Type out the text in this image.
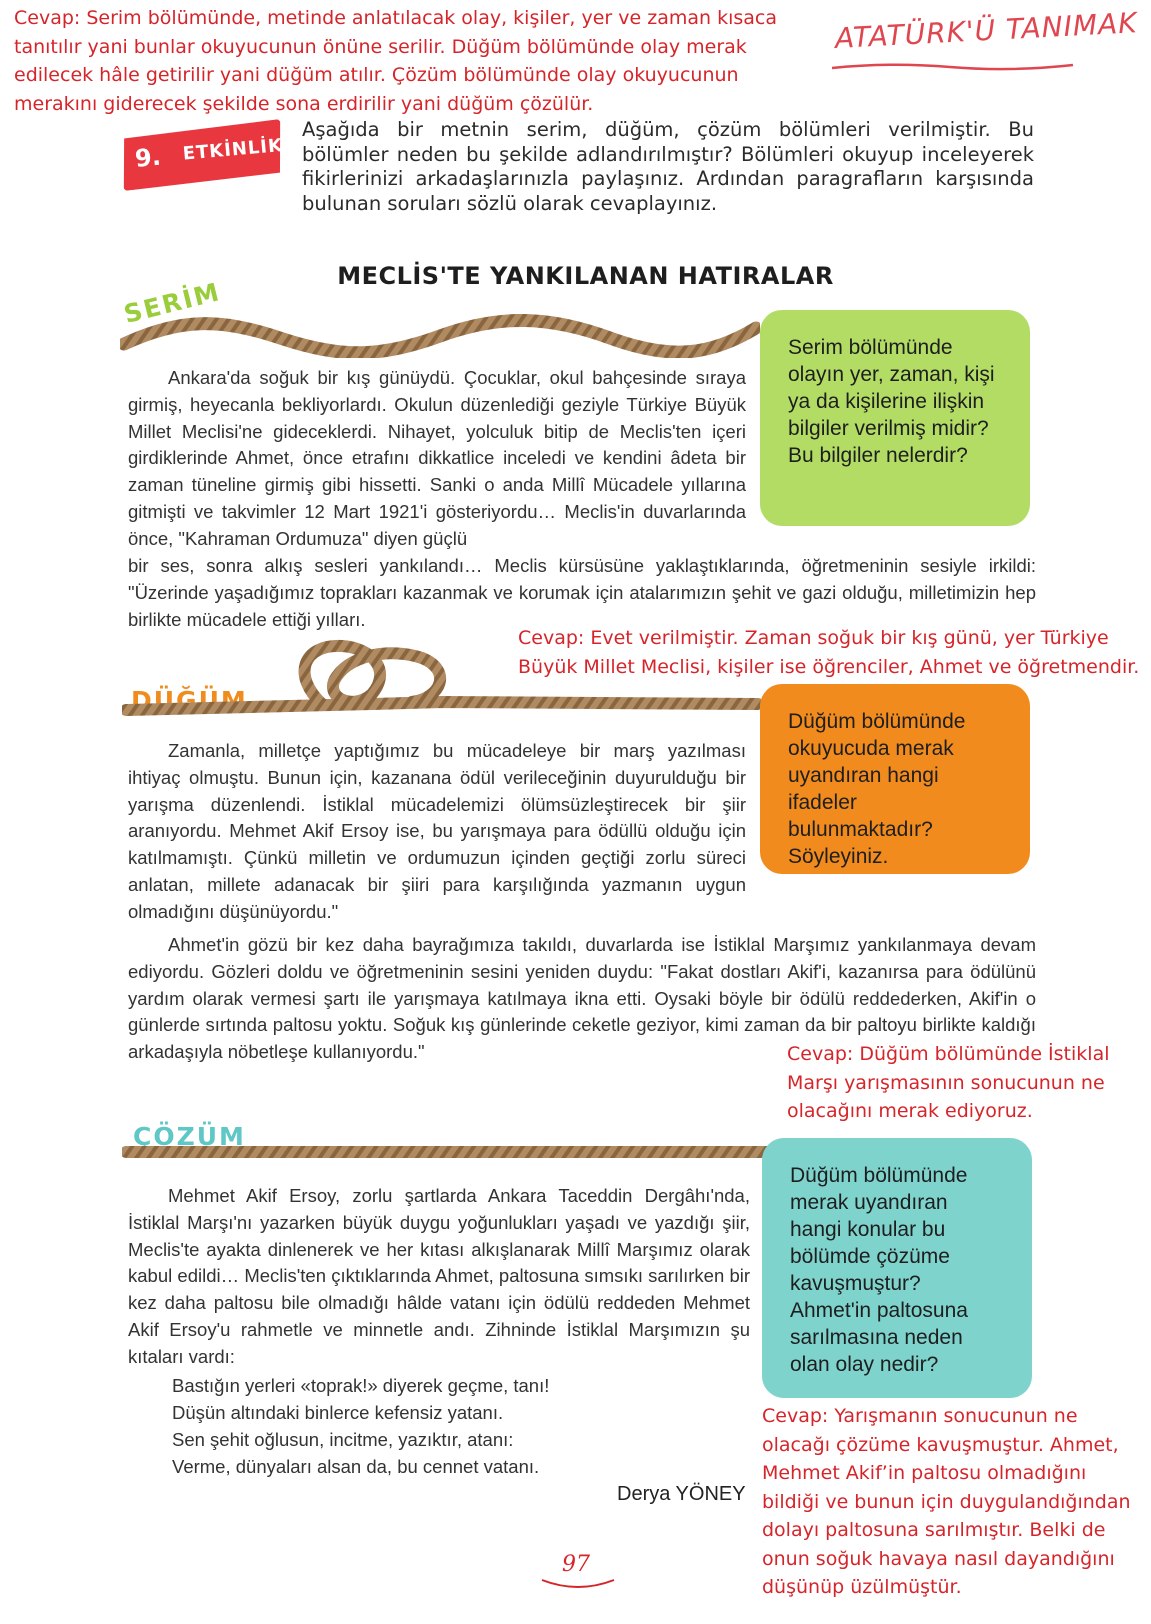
Cevap: Serim bölümünde, metinde anlatılacak olay, kişiler, yer ve zaman kısaca tanıtılır yani bunlar okuyucunun önüne serilir. Düğüm bölümünde olay merak edilecek hâle getirilir yani düğüm atılır. Çözüm bölümünde olay okuyucunun merakını giderecek şekilde sona erdirilir yani düğüm çözülür.
ATATÜRK'Ü TANIMAK
9. ETKİNLİK
Aşağıda bir metnin serim, düğüm, çözüm bölümleri verilmiştir. Bu bölümler neden bu şekilde adlandırılmıştır? Bölümleri okuyup inceleyerek fikirlerinizi arkadaşlarınızla paylaşınız. Ardından paragrafların karşısında bulunan soruları sözlü olarak cevaplayınız.
MECLİS'TE YANKILANAN HATIRALAR
SERİM

Ankara'da soğuk bir kış günüydü. Çocuklar, okul bahçesinde sıraya girmiş, heyecanla bekliyorlardı. Okulun düzenlediği geziyle Türkiye Büyük Millet Meclisi'ne gideceklerdi. Nihayet, yolculuk bitip de Meclis'ten içeri girdiklerinde Ahmet, önce etrafını dikkatlice inceledi ve kendini âdeta bir zaman tüneline girmiş gibi hissetti. Sanki o anda Millî Mücadele yıllarına gitmişti ve takvimler 12 Mart 1921'i gösteriyordu… Meclis'in duvarlarında önce, "Kahraman Ordumuza" diyen güçlü

bir ses, sonra alkış sesleri yankılandı… Meclis kürsüsüne yaklaştıklarında, öğretmeninin sesiyle irkildi: "Üzerinde yaşadığımız toprakları kazanmak ve korumak için atalarımızın şehit ve gazi olduğu, milletimizin hep birlikte mücadele ettiği yılları.

Serim bölümünde olayın yer, zaman, kişi ya da kişilerine ilişkin bilgiler verilmiş midir? Bu bilgiler nelerdir?
Cevap: Evet verilmiştir. Zaman soğuk bir kış günü, yer Türkiye Büyük Millet Meclisi, kişiler ise öğrenciler, Ahmet ve öğretmendir.
DÜĞÜM

Zamanla, milletçe yaptığımız bu mücadeleye bir marş yazılması ihtiyaç olmuştu. Bunun için, kazanana ödül verileceğinin duyurulduğu bir yarışma düzenlendi. İstiklal mücadelemizi ölümsüzleştirecek bir şiir aranıyordu. Mehmet Akif Ersoy ise, bu yarışmaya para ödüllü olduğu için katılmamıştı. Çünkü milletin ve ordumuzun içinden geçtiği zorlu süreci anlatan, millete adanacak bir şiiri para karşılığında yazmanın uygun olmadığını düşünüyordu."

Ahmet'in gözü bir kez daha bayrağımıza takıldı, duvarlarda ise İstiklal Marşımız yankılanmaya devam ediyordu. Gözleri doldu ve öğretmeninin sesini yeniden duydu: "Fakat dostları Akif'i, kazanırsa para ödülünü yardım olarak vermesi şartı ile yarışmaya katılmaya ikna etti. Oysaki böyle bir ödülü reddederken, Akif'in o günlerde sırtında paltosu yoktu. Soğuk kış günlerinde ceketle geziyor, kimi zaman da bir paltoyu birlikte kaldığı arkadaşıyla nöbetleşe kullanıyordu."

Düğüm bölümünde okuyucuda merak uyandıran hangi ifadeler bulunmaktadır? Söyleyiniz.
Cevap: Düğüm bölümünde İstiklal Marşı yarışmasının sonucunun ne olacağını merak ediyoruz.
ÇÖZÜM

Mehmet Akif Ersoy, zorlu şartlarda Ankara Taceddin Dergâhı'nda, İstiklal Marşı'nı yazarken büyük duygu yoğunlukları yaşadı ve yazdığı şiir, Meclis'te ayakta dinlenerek ve her kıtası alkışlanarak Millî Marşımız olarak kabul edildi… Meclis'ten çıktıklarında Ahmet, paltosuna sımsıkı sarılırken bir kez daha paltosu bile olmadığı hâlde vatanı için ödülü reddeden Mehmet Akif Ersoy'u rahmetle ve minnetle andı. Zihninde İstiklal Marşımızın şu kıtaları vardı:

Bastığın yerleri «toprak!» diyerek geçme, tanı!
Düşün altındaki binlerce kefensiz yatanı.
Sen şehit oğlusun, incitme, yazıktır, atanı:
Verme, dünyaları alsan da, bu cennet vatanı.
Düğüm bölümünde merak uyandıran hangi konular bu bölümde çözüme kavuşmuştur? Ahmet'in paltosuna sarılmasına neden olan olay nedir?
Cevap: Yarışmanın sonucunun ne olacağı çözüme kavuşmuştur. Ahmet, Mehmet Akif’in paltosu olmadığını bildiği ve bunun için duygulandığından dolayı paltosuna sarılmıştır. Belki de onun soğuk havaya nasıl dayandığını düşünüp üzülmüştür.
Derya YÖNEY
97
